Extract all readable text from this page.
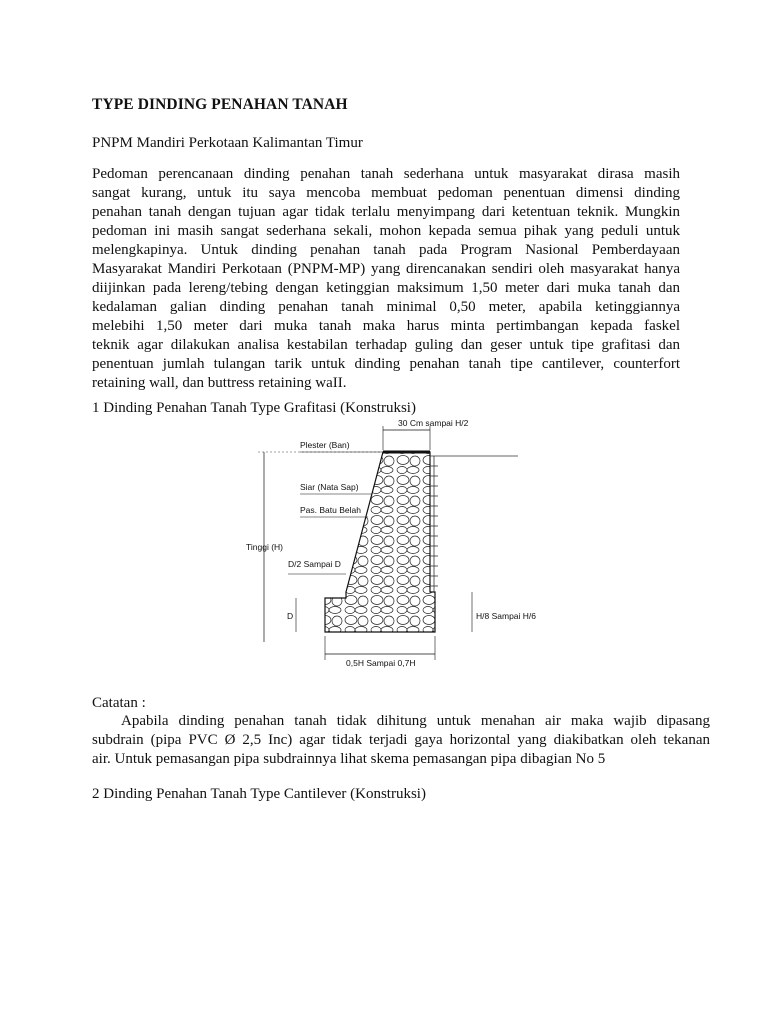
TYPE DINDING PENAHAN TANAH

PNPM Mandiri Perkotaan Kalimantan Timur

Pedoman perencanaan dinding penahan tanah sederhana untuk masyarakat dirasa masih
sangat kurang, untuk itu saya mencoba membuat pedoman penentuan dimensi dinding
penahan tanah dengan tujuan agar tidak terlalu menyimpang dari ketentuan teknik. Mungkin
pedoman ini masih sangat sederhana sekali, mohon kepada semua pihak yang peduli untuk
melengkapinya. Untuk dinding penahan tanah pada Program Nasional Pemberdayaan
Masyarakat Mandiri Perkotaan (PNPM-MP) yang direncanakan sendiri oleh masyarakat hanya
diijinkan pada lereng/tebing dengan ketinggian maksimum 1,50 meter dari muka tanah dan
kedalaman galian dinding penahan tanah minimal 0,50 meter, apabila ketinggiannya
melebihi 1,50 meter dari muka tanah maka harus minta pertimbangan kepada faskel
teknik agar dilakukan analisa kestabilan terhadap guling dan geser untuk tipe grafitasi dan
penentuan jumlah tulangan tarik untuk dinding penahan tanah tipe cantilever, counterfort
retaining wall, dan buttress retaining waII.

1 Dinding Penahan Tanah Type Grafitasi (Konstruksi)

30 Cm sampai H/2
Plester (Ban)
Siar (Nata Sap)
Pas. Batu Belah
Tinggi (H)
D/2 Sampai D
D	H/8 Sampai H/6
0,5H Sampai 0,7H

Catatan :

Apabila dinding penahan tanah tidak dihitung untuk menahan air maka wajib dipasang
subdrain (pipa PVC Ø 2,5 Inc) agar tidak terjadi gaya horizontal yang diakibatkan oleh tekanan
air. Untuk pemasangan pipa subdrainnya lihat skema pemasangan pipa dibagian No 5

2 Dinding Penahan Tanah Type Cantilever (Konstruksi)
